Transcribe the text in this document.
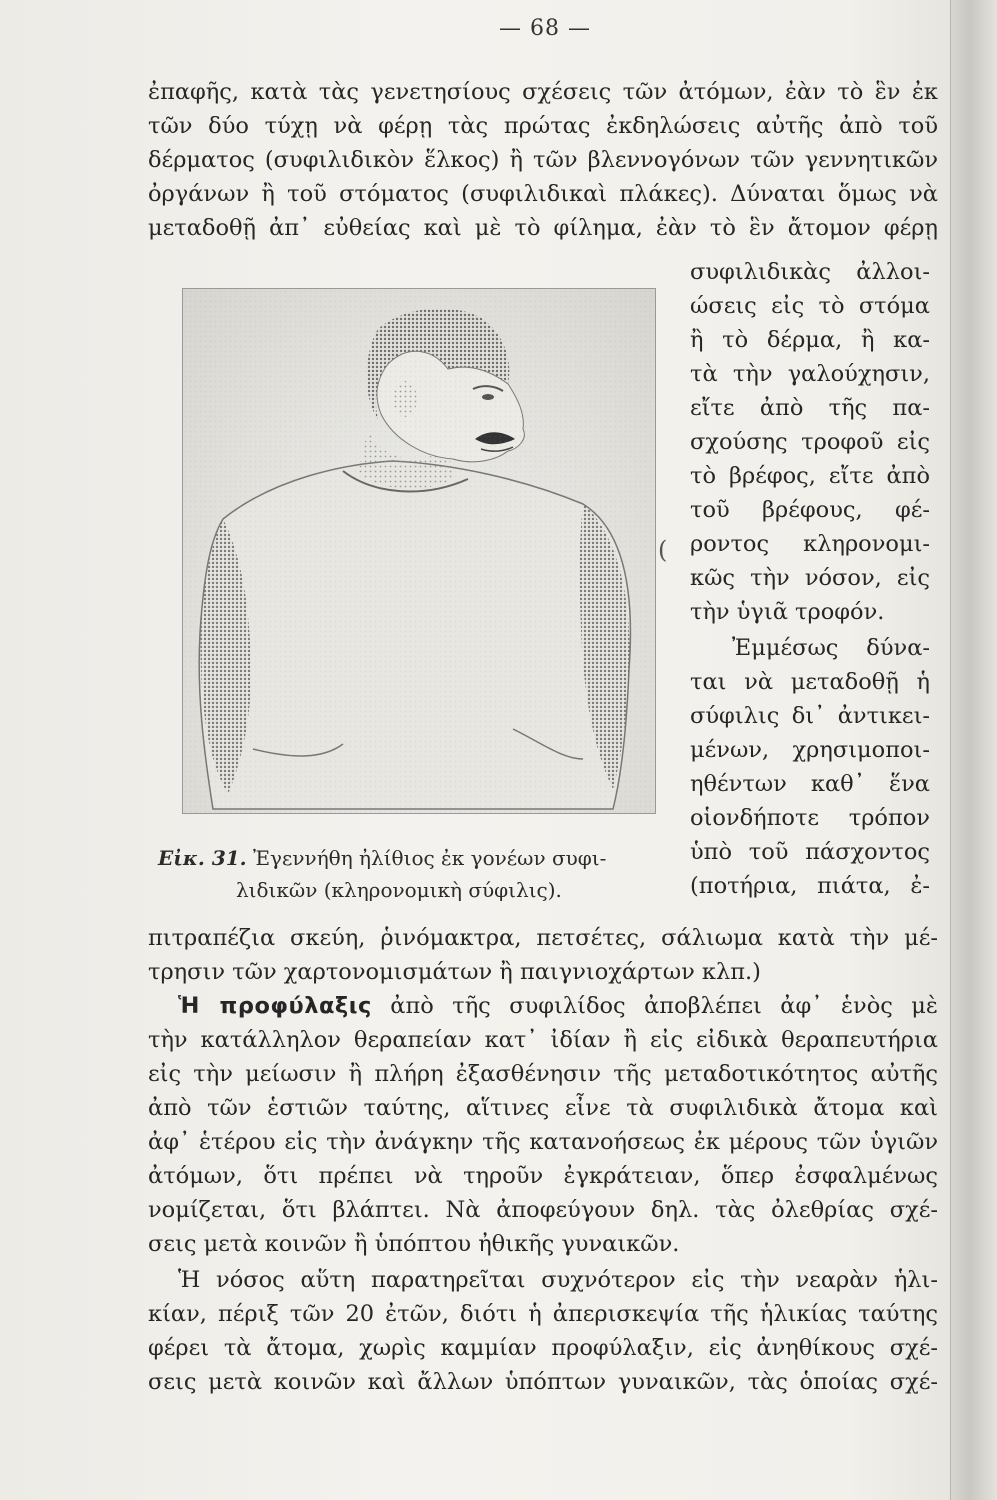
— 68 —
ἐπαφῆς, κατὰ τὰς γενετησίους σχέσεις τῶν ἀτόμων, ἐὰν τὸ ἓν ἐκ
τῶν δύο τύχῃ νὰ φέρῃ τὰς πρώτας ἐκδηλώσεις αὐτῆς ἀπὸ τοῦ
δέρματος (συφιλιδικὸν ἕλκος) ἢ τῶν βλεννογόνων τῶν γεννητικῶν
ὀργάνων ἢ τοῦ στόματος (συφιλιδικαὶ πλάκες). Δύναται ὅμως νὰ
μεταδοθῇ ἀπ᾽ εὐθείας καὶ μὲ τὸ φίλημα, ἐὰν τὸ ἓν ἄτομον φέρῃ
συφιλιδικὰς ἀλλοι-
ώσεις εἰς τὸ στόμα
ἢ τὸ δέρμα, ἢ κα-
τὰ τὴν γαλούχησιν,
εἴτε ἀπὸ τῆς πα-
σχούσης τροφοῦ εἰς
τὸ βρέφος, εἴτε ἀπὸ
τοῦ βρέφους, φέ-
ροντος κληρονομι-
κῶς τὴν νόσον, εἰς
τὴν ὑγιᾶ τροφόν.
Ἐμμέσως δύνα-
ται νὰ μεταδοθῇ ἡ
σύφιλις δι᾽ ἀντικει-
μένων, χρησιμοποι-
ηθέντων καθ᾽ ἕνα
οἱονδήποτε τρόπον
ὑπὸ τοῦ πάσχοντος
(ποτήρια, πιάτα, ἐ-
(
Εἰκ. 31. Ἐγεννήθη ἠλίθιος ἐκ γονέων συφι-
λιδικῶν (κληρονομικὴ σύφιλις).
πιτραπέζια σκεύη, ῥινόμακτρα, πετσέτες, σάλιωμα κατὰ τὴν μέ-
τρησιν τῶν χαρτονομισμάτων ἢ παιγνιοχάρτων κλπ.)
Ἡ προφύλαξις ἀπὸ τῆς συφιλίδος ἀποβλέπει ἀφ᾽ ἑνὸς μὲ
τὴν κατάλληλον θεραπείαν κατ᾽ ἰδίαν ἢ εἰς εἰδικὰ θεραπευτήρια
εἰς τὴν μείωσιν ἢ πλήρη ἐξασθένησιν τῆς μεταδοτικότητος αὐτῆς
ἀπὸ τῶν ἑστιῶν ταύτης, αἵτινες εἶνε τὰ συφιλιδικὰ ἄτομα καὶ
ἀφ᾽ ἑτέρου εἰς τὴν ἀνάγκην τῆς κατανοήσεως ἐκ μέρους τῶν ὑγιῶν
ἀτόμων, ὅτι πρέπει νὰ τηροῦν ἐγκράτειαν, ὅπερ ἐσφαλμένως
νομίζεται, ὅτι βλάπτει. Νὰ ἀποφεύγουν δηλ. τὰς ὀλεθρίας σχέ-
σεις μετὰ κοινῶν ἢ ὑπόπτου ἠθικῆς γυναικῶν.
Ἡ νόσος αὕτη παρατηρεῖται συχνότερον εἰς τὴν νεαρὰν ἡλι-
κίαν, πέριξ τῶν 20 ἐτῶν, διότι ἡ ἀπερισκεψία τῆς ἡλικίας ταύτης
φέρει τὰ ἄτομα, χωρὶς καμμίαν προφύλαξιν, εἰς ἀνηθίκους σχέ-
σεις μετὰ κοινῶν καὶ ἄλλων ὑπόπτων γυναικῶν, τὰς ὁποίας σχέ-
